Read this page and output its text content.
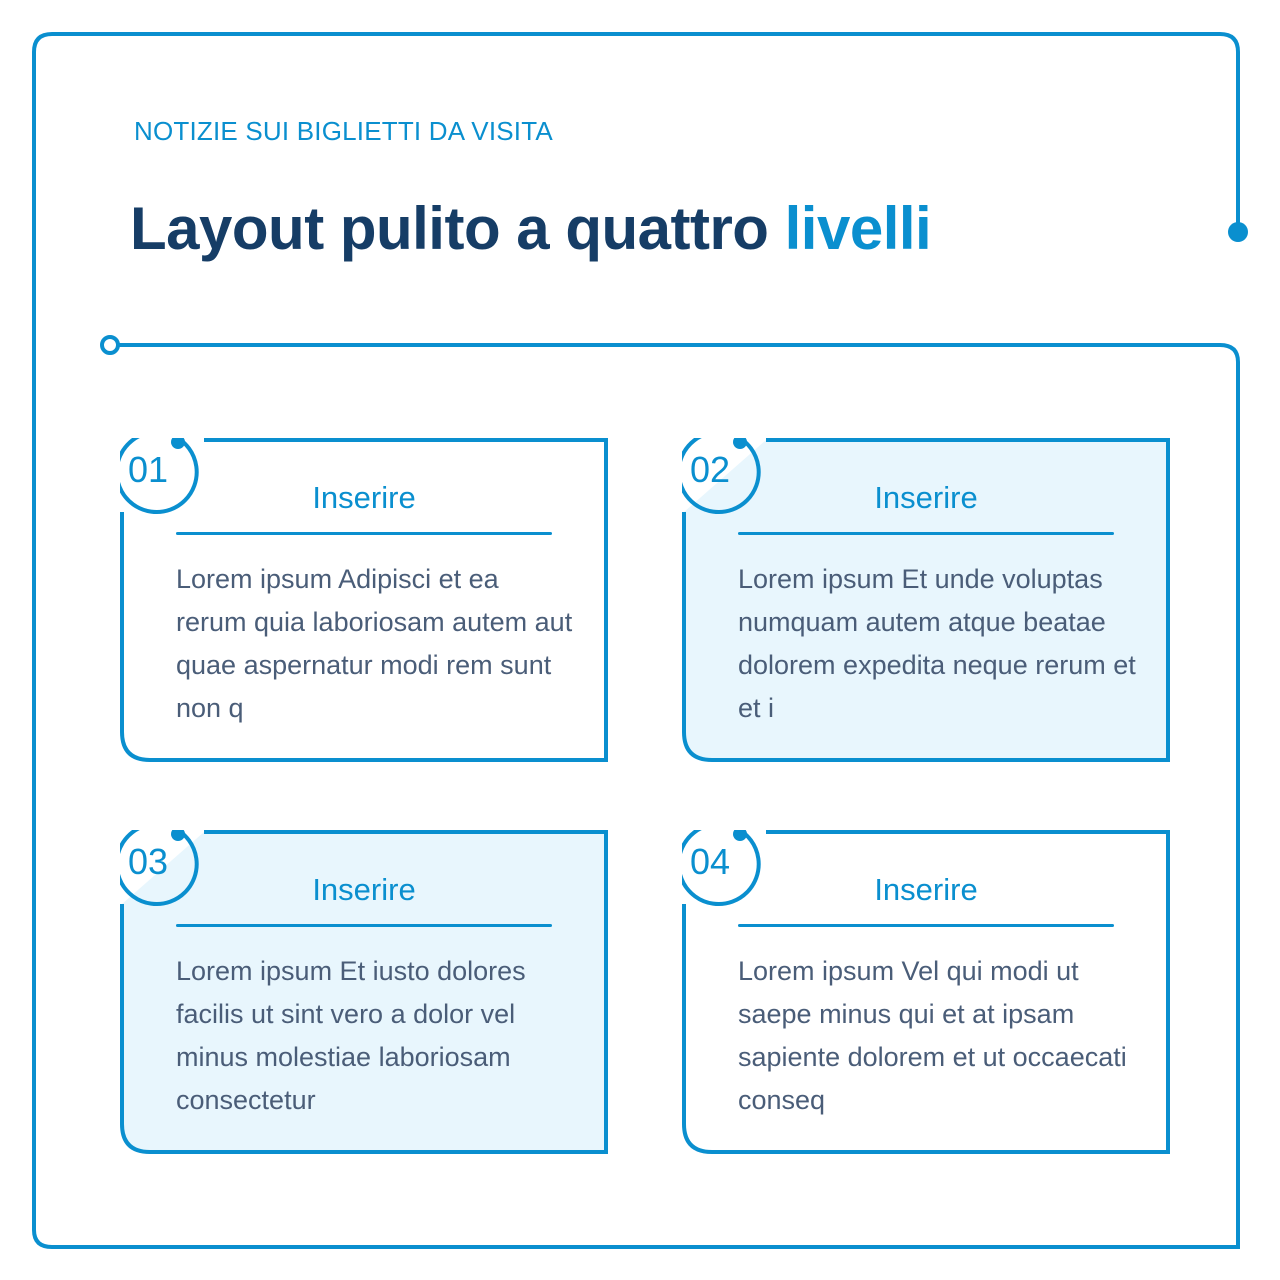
NOTIZIE SUI BIGLIETTI DA VISITA
Layout pulito a quattro livelli
01
Inserire
Lorem ipsum Adipisci et ea rerum quia laboriosam autem aut quae aspernatur modi rem sunt non q
02
Inserire
Lorem ipsum Et unde voluptas numquam autem atque beatae dolorem expedita neque rerum et et i
03
Inserire
Lorem ipsum Et iusto dolores facilis ut sint vero a dolor vel minus molestiae laboriosam consectetur
04
Inserire
Lorem ipsum Vel qui modi ut saepe minus qui et at ipsam sapiente dolorem et ut occaecati conseq
